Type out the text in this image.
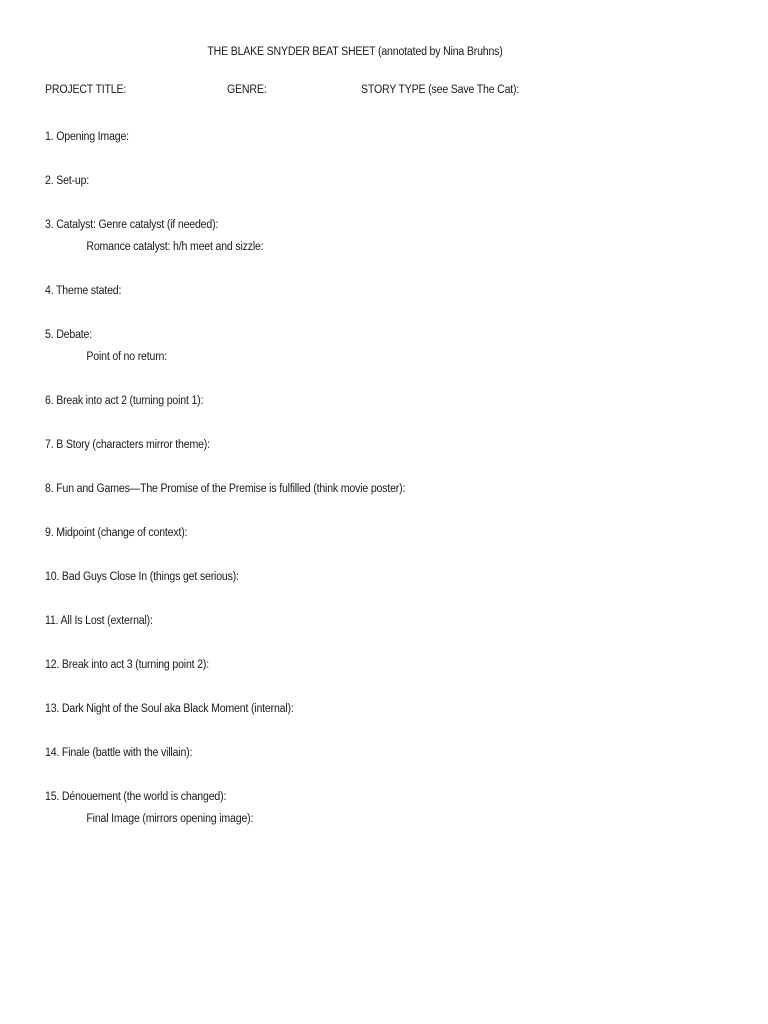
THE BLAKE SNYDER BEAT SHEET (annotated by Nina Bruhns)
PROJECT TITLE:	GENRE:	STORY TYPE (see Save The Cat):
1. Opening Image:
2. Set-up:
3. Catalyst: Genre catalyst (if needed):
Romance catalyst: h/h meet and sizzle:
4. Theme stated:
5. Debate:
Point of no return:
6. Break into act 2 (turning point 1):
7. B Story (characters mirror theme):
8. Fun and Games—The Promise of the Premise is fulfilled (think movie poster):
9. Midpoint (change of context):
10. Bad Guys Close In (things get serious):
11. All Is Lost (external):
12. Break into act 3 (turning point 2):
13. Dark Night of the Soul aka Black Moment (internal):
14. Finale (battle with the villain):
15. Dénouement (the world is changed):
Final Image (mirrors opening image):
